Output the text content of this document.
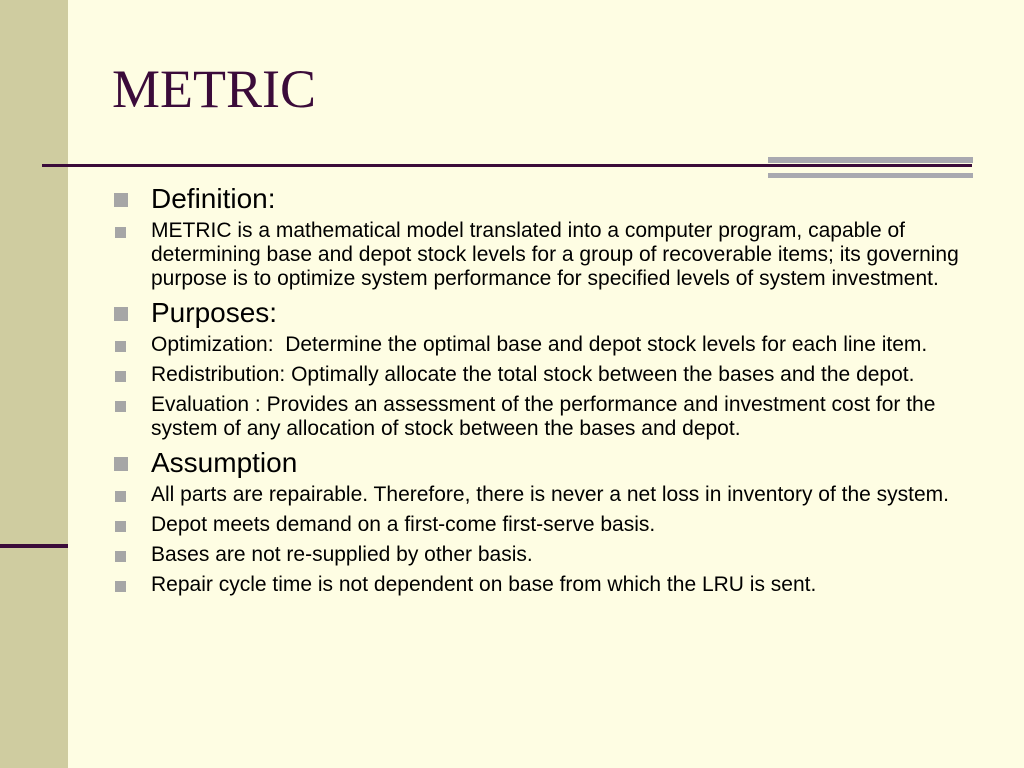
METRIC
Definition:
METRIC is a mathematical model translated into a computer program, capable of determining base and depot stock levels for a group of recoverable items; its governing purpose is to optimize system performance for specified levels of system investment.
Purposes:
Optimization:  Determine the optimal base and depot stock levels for each line item.
Redistribution: Optimally allocate the total stock between the bases and the depot.
Evaluation : Provides an assessment of the performance and investment cost for the system of any allocation of stock between the bases and depot.
Assumption
All parts are repairable. Therefore, there is never a net loss in inventory of the system.
Depot meets demand on a first-come first-serve basis.
Bases are not re-supplied by other basis.
Repair cycle time is not dependent on base from which the LRU is sent.
